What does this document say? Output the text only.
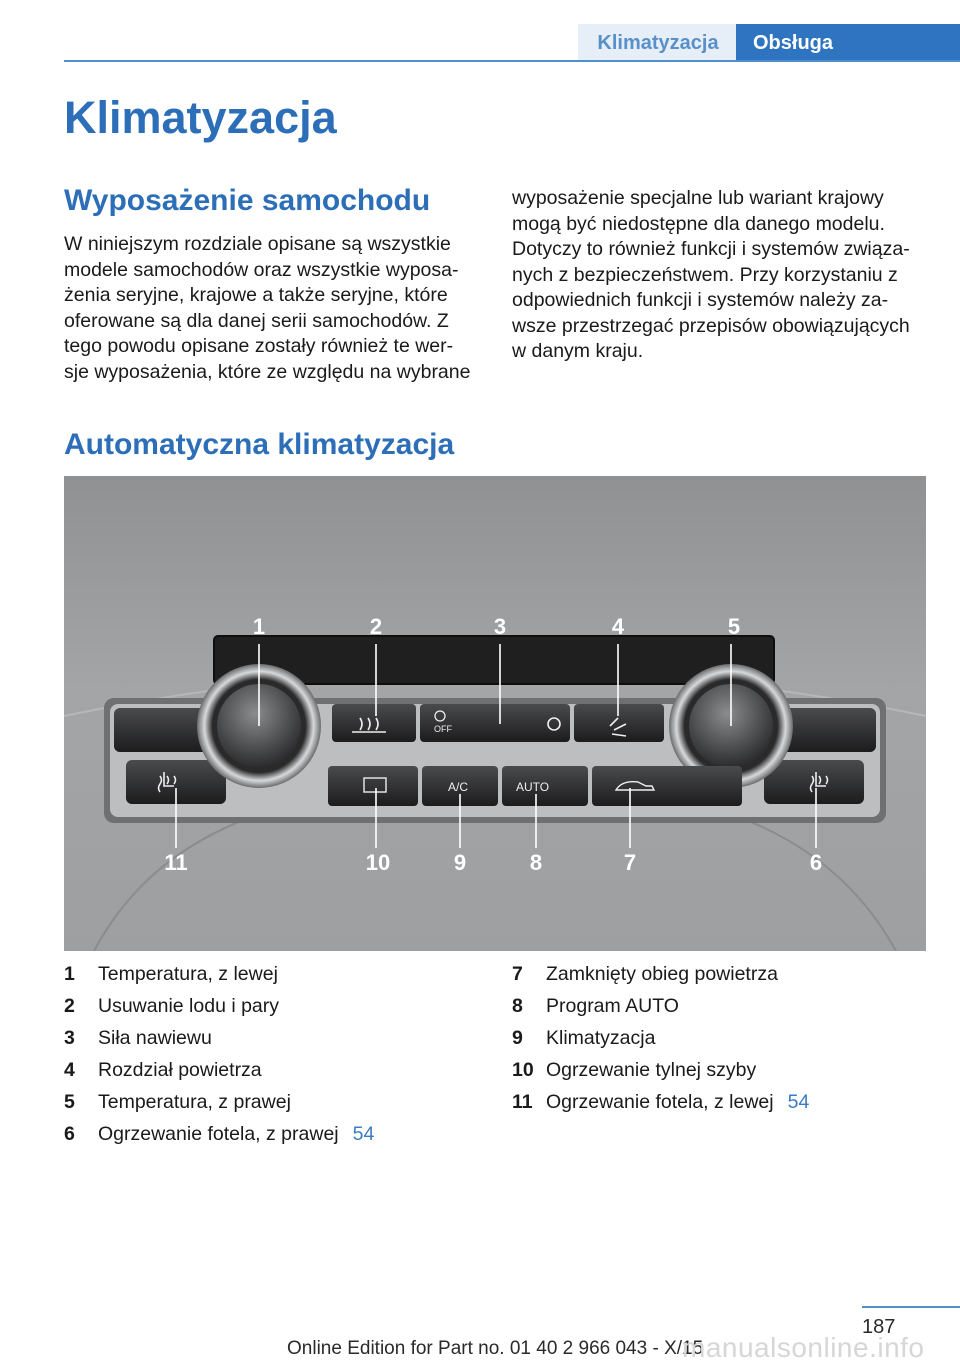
Klimatyzacja	Obsługa
Klimatyzacja
Wyposażenie samochodu

W niniejszym rozdziale opisane są wszystkie
modele samochodów oraz wszystkie wyposa‐
żenia seryjne, krajowe a także seryjne, które
oferowane są dla danej serii samochodów. Z
tego powodu opisane zostały również te wer‐
sje wyposażenia, które ze względu na wybrane

wyposażenie specjalne lub wariant krajowy
mogą być niedostępne dla danego modelu.
Dotyczy to również funkcji i systemów związa‐
nych z bezpieczeństwem. Przy korzystaniu z
odpowiednich funkcji i systemów należy za‐
wsze przestrzegać przepisów obowiązujących
w danym kraju.

Automatyczna klimatyzacja
OFF
A/C	AUTO
1	2	3	4	5
11	10	9	8	7	6
1	Temperatura, z lewej
2	Usuwanie lodu i pary
3	Siła nawiewu
4	Rozdział powietrza
5	Temperatura, z prawej
6	Ogrzewanie fotela, z prawej 54
7	Zamknięty obieg powietrza
8	Program AUTO
9	Klimatyzacja
10 Ogrzewanie tylnej szyby
11 Ogrzewanie fotela, z lewej 54
187
Online Edition for Part no. 01 40 2 966 043 - X/15
manualsonline.info
